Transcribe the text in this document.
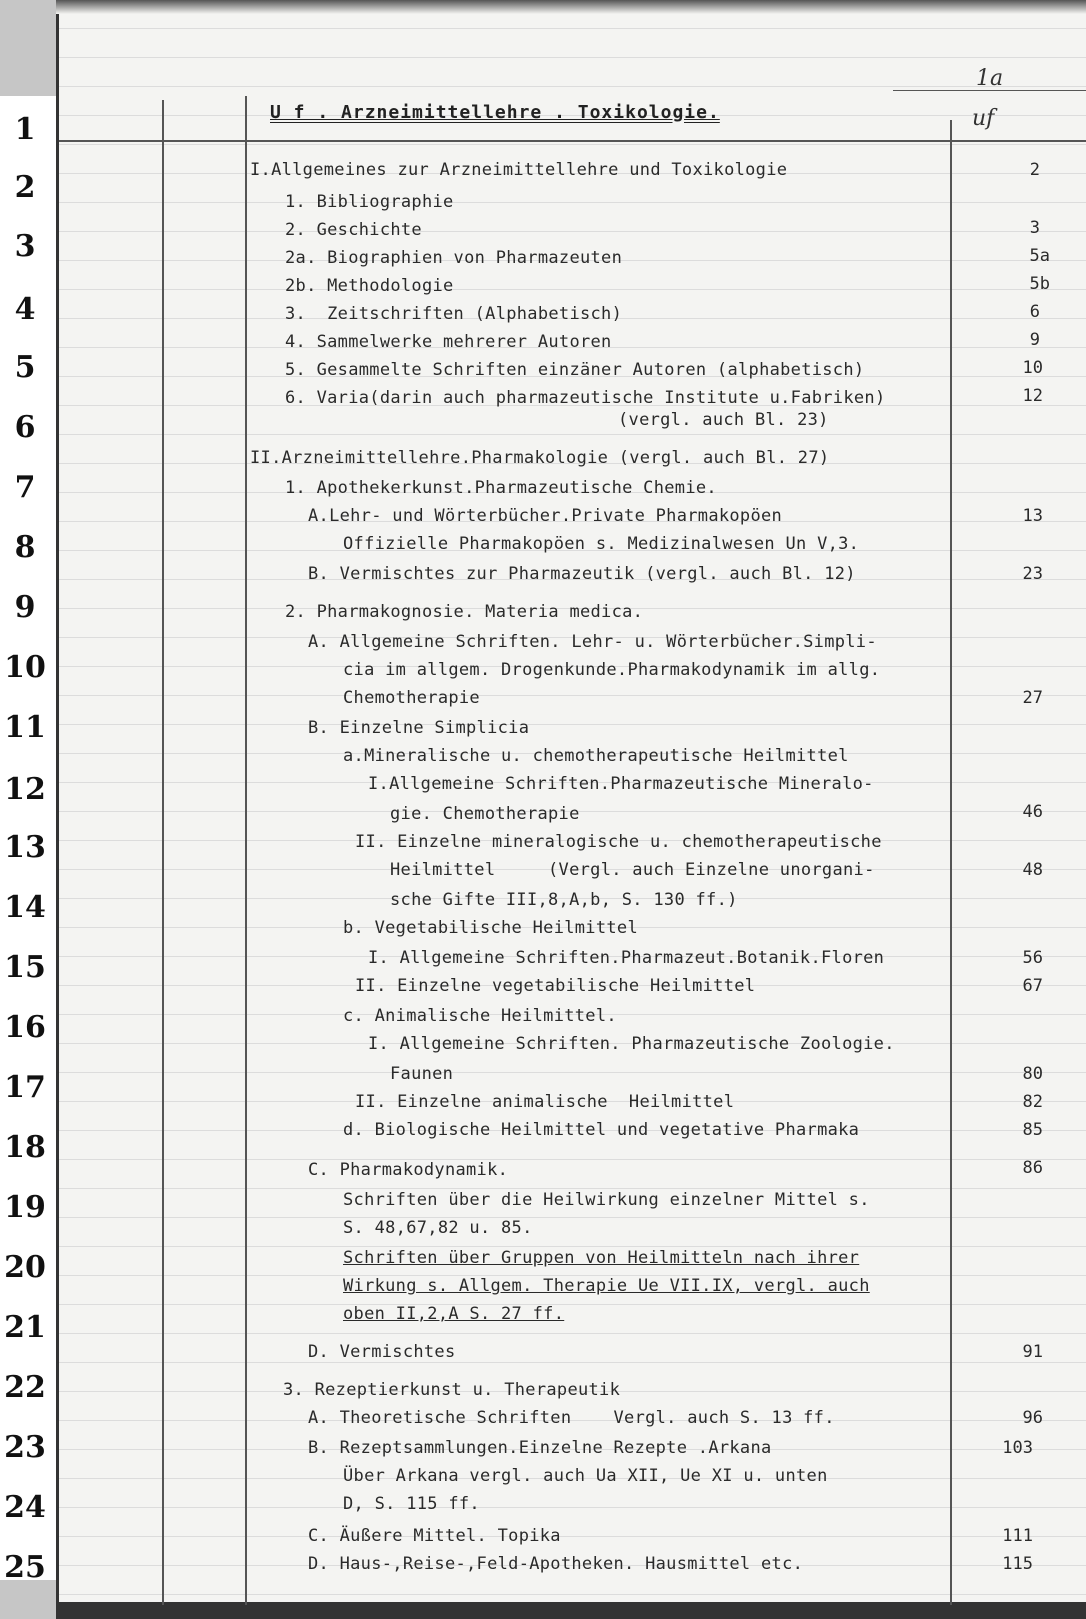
1
2
3
4
5
6
7
8
9
10
11
12
13
14
15
16
17
18
19
20
21
22
23
24
25
U f . Arzneimittellehre . Toxikologie.
1a
uf
I.Allgemeines zur Arzneimittellehre und Toxikologie	2
1. Bibliographie
2. Geschichte	3
2a. Biographien von Pharmazeuten	5a
2b. Methodologie	5b
3.  Zeitschriften (Alphabetisch)	6
4. Sammelwerke mehrerer Autoren	9
5. Gesammelte Schriften einzäner Autoren (alphabetisch)	10
6. Varia(darin auch pharmazeutische Institute u.Fabriken)	12
(vergl. auch Bl. 23)
II.Arzneimittellehre.Pharmakologie (vergl. auch Bl. 27)
1. Apothekerkunst.Pharmazeutische Chemie.
A.Lehr- und Wörterbücher.Private Pharmakopöen	13
Offizielle Pharmakopöen s. Medizinalwesen Un V,3.
B. Vermischtes zur Pharmazeutik (vergl. auch Bl. 12)	23
2. Pharmakognosie. Materia medica.
A. Allgemeine Schriften. Lehr- u. Wörterbücher.Simpli-
cia im allgem. Drogenkunde.Pharmakodynamik im allg.
Chemotherapie	27
B. Einzelne Simplicia
a.Mineralische u. chemotherapeutische Heilmittel
I.Allgemeine Schriften.Pharmazeutische Mineralo-
gie. Chemotherapie	46
II. Einzelne mineralogische u. chemotherapeutische
Heilmittel     (Vergl. auch Einzelne unorgani-	48
sche Gifte III,8,A,b, S. 130 ff.)
b. Vegetabilische Heilmittel
I. Allgemeine Schriften.Pharmazeut.Botanik.Floren	56
II. Einzelne vegetabilische Heilmittel	67
c. Animalische Heilmittel.
I. Allgemeine Schriften. Pharmazeutische Zoologie.
Faunen	80
II. Einzelne animalische  Heilmittel	82
d. Biologische Heilmittel und vegetative Pharmaka	85
C. Pharmakodynamik.	86
Schriften über die Heilwirkung einzelner Mittel s.
S. 48,67,82 u. 85.
Schriften über Gruppen von Heilmitteln nach ihrer
Wirkung s. Allgem. Therapie Ue VII.IX, vergl. auch
oben II,2,A S. 27 ff.
D. Vermischtes	91
3. Rezeptierkunst u. Therapeutik
A. Theoretische Schriften    Vergl. auch S. 13 ff.	96
B. Rezeptsammlungen.Einzelne Rezepte .Arkana	103
Über Arkana vergl. auch Ua XII, Ue XI u. unten
D, S. 115 ff.
C. Äußere Mittel. Topika	111
D. Haus-,Reise-,Feld-Apotheken. Hausmittel etc.	115
